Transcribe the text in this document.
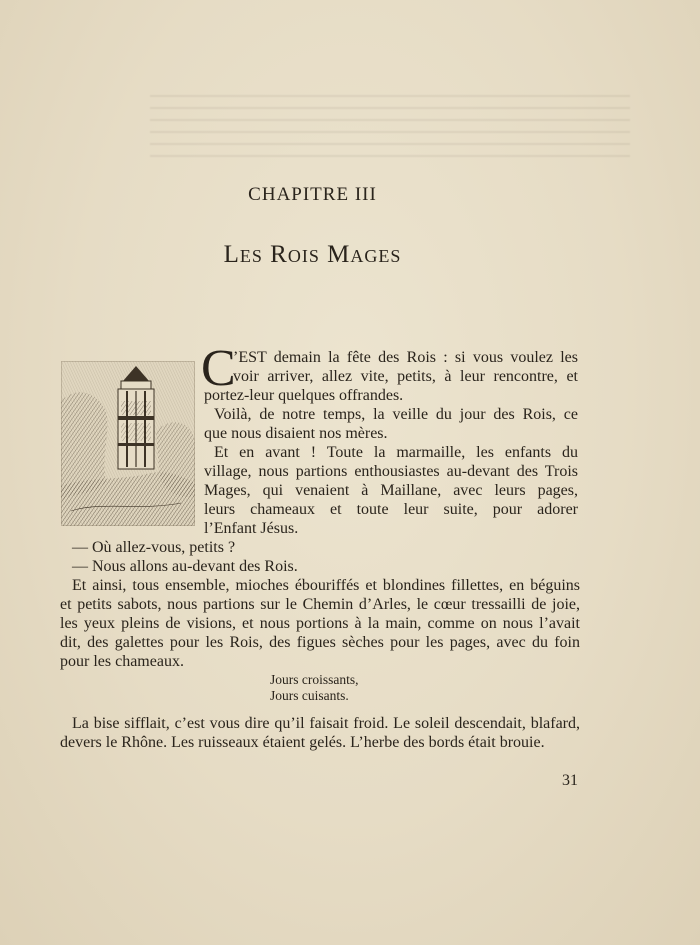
CHAPITRE III
Les Rois Mages
C
’EST demain la fête des Rois : si vous voulez les
voir arriver, allez vite, petits, à leur rencontre, et
portez-leur quelques offrandes.
Voilà, de notre temps, la veille du jour des Rois, ce
que nous disaient nos mères.
Et en avant ! Toute la marmaille, les enfants du
village, nous partions enthousiastes au-devant des Trois
Mages, qui venaient à Maillane, avec leurs pages,
leurs chameaux et toute leur suite, pour adorer
l’Enfant Jésus.
— Où allez-vous, petits ?
— Nous allons au-devant des Rois.
Et ainsi, tous ensemble, mioches ébouriffés et blondines fillettes, en béguins
et petits sabots, nous partions sur le Chemin d’Arles, le cœur tressailli de joie,
les yeux pleins de visions, et nous portions à la main, comme on nous l’avait
dit, des galettes pour les Rois, des figues sèches pour les pages, avec du foin
pour les chameaux.
Jours croissants,
Jours cuisants.
La bise sifflait, c’est vous dire qu’il faisait froid. Le soleil descendait, blafard,
devers le Rhône. Les ruisseaux étaient gelés. L’herbe des bords était brouie.
31
